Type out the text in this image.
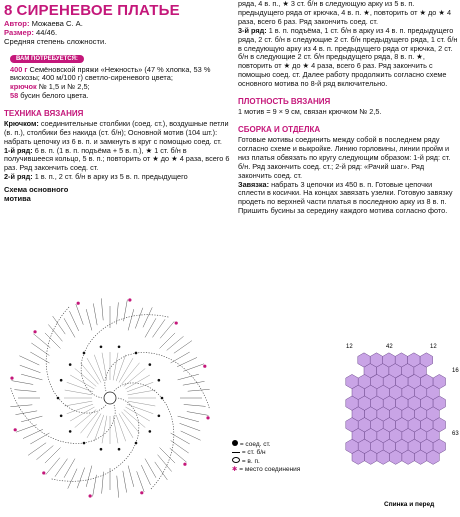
8 СИРЕНЕВОЕ ПЛАТЬЕ
Автор: Можаева С. А.
Размер: 44/46.
Средняя степень сложности.
ВАМ ПОТРЕБУЕТСЯ:
400 г Семёновской пряжи «Нежность» (47 % хлопка, 53 % вискозы; 400 м/100 г) светло-сиреневого цвета;
крючок № 1,5 и № 2,5;
58 бусин белого цвета.
ТЕХНИКА ВЯЗАНИЯ
Крючком: соединительные столбики (соед. ст.), воздушные петли (в. п.), столбики без накида (ст. б/н); Основной мотив (104 шт.): набрать цепочку из 6 в. п. и замкнуть в круг с помощью соед. ст.
1-й ряд: 6 в. п. (1 в. п. подъёма + 5 в. п.), ★ 1 ст. б/н в получившееся кольцо, 5 в. п.; повторить от ★ до ★ 4 раза, всего 6 раз. Ряд закончить соед. ст.
2-й ряд: 1 в. п., 2 ст. б/н в арку из 5 в. п. предыдущего
Схема основного
мотива
ряда, 4 в. п., ★ 3 ст. б/н в следующую арку из 5 в. п. предыдущего ряда от крючка, 4 в. п. ★, повторить от ★ до ★ 4 раза, всего 6 раз. Ряд закончить соед. ст.
3-й ряд: 1 в. п. подъёма, 1 ст. б/н в арку из 4 в. п. предыдущего ряда, 2 ст. б/н в следующие 2 ст. б/н предыдущего ряда, 1 ст. б/н в следующую арку из 4 в. п. предыдущего ряда от крючка, 2 ст. б/н в следующие 2 ст. б/н предыдущего ряда, 8 в. п. ★, повторить от ★ до ★ 4 раза, всего 6 раз. Ряд закончить с помощью соед. ст. Далее работу продолжить согласно схеме основного мотива по 8-й ряд включительно.
ПЛОТНОСТЬ ВЯЗАНИЯ
1 мотив = 9 × 9 см, связан крючком № 2,5.
СБОРКА И ОТДЕЛКА
Готовые мотивы соединить между собой в последнем ряду согласно схеме и выкройке. Линию горловины, линии пройм и низ платья обвязать по кругу следующим образом: 1-й ряд: ст. б/н. Ряд закончить соед. ст.; 2-й ряд: «Рачий шаг». Ряд закончить соед. ст.
Завязка: набрать 3 цепочки из 450 в. п. Готовые цепочки сплести в косички. На концах завязать узелки. Готовую завязку продеть по верхней части платья в последнюю арку из 8 в. п.
Пришить бусины за середину каждого мотива согласно фото.
= соед. ст.
= ст. б/н
= в. п.
✱ = место соединения
12	42	12
16
63
Спинка и перед
